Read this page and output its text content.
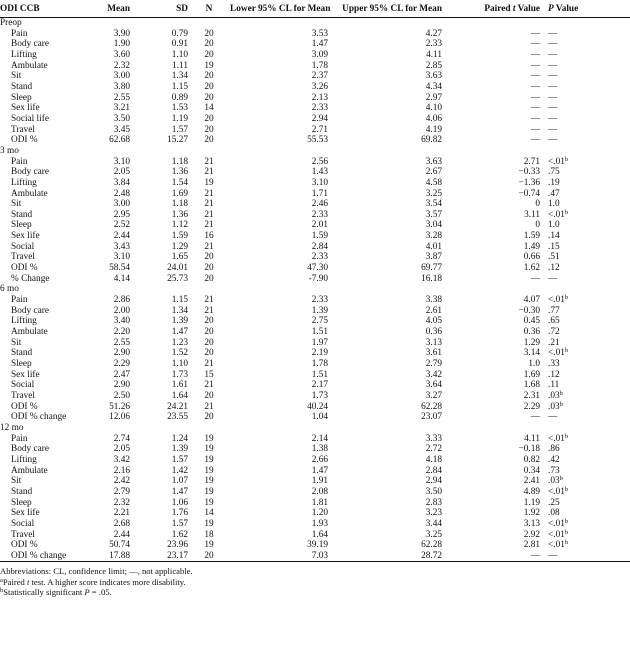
ODI CCB	Mean	SD	N	Lower 95% CL for Mean	Upper 95% CL for Mean	Paired t Value	P Value
Preop							
Pain	3.90	0.79	20	3.53	4.27	—	—
Body care	1.90	0.91	20	1.47	2.33	—	—
Lifting	3.60	1.10	20	3.09	4.11	—	—
Ambulate	2.32	1.11	19	1.78	2.85	—	—
Sit	3.00	1.34	20	2.37	3.63	—	—
Stand	3.80	1.15	20	3.26	4.34	—	—
Sleep	2.55	0.89	20	2.13	2.97	—	—
Sex life	3.21	1.53	14	2.33	4.10	—	—
Social life	3.50	1.19	20	2.94	4.06	—	—
Travel	3.45	1.57	20	2.71	4.19	—	—
ODI %	62.68	15.27	20	55.53	69.82	—	—
3 mo							
Pain	3.10	1.18	21	2.56	3.63	2.71	<.01$^b$
Body care	2.05	1.36	21	1.43	2.67	−0.33	.75
Lifting	3.84	1.54	19	3.10	4.58	−1.36	.19
Ambulate	2.48	1.69	21	1.71	3.25	−0.74	.47
Sit	3.00	1.18	21	2.46	3.54	0	1.0
Stand	2.95	1.36	21	2.33	3.57	3.11	<.01$^b$
Sleep	2.52	1.12	21	2.01	3.04	0	1.0
Sex life	2.44	1.59	16	1.59	3.28	1.59	.14
Social	3.43	1.29	21	2.84	4.01	1.49	.15
Travel	3.10	1.65	20	2.33	3.87	0.66	.51
ODI %	58.54	24.01	20	47.30	69.77	1.62	.12
% Change	4.14	25.73	20	-7.90	16.18	—	—
6 mo							
Pain	2.86	1.15	21	2.33	3.38	4.07	<.01$^b$
Body care	2.00	1.34	21	1.39	2.61	−0.30	.77
Lifting	3.40	1.39	20	2.75	4.05	0.45	.65
Ambulate	2.20	1.47	20	1.51	0.36	0.36	.72
Sit	2.55	1.23	20	1.97	3.13	1.29	.21
Stand	2.90	1.52	20	2.19	3.61	3.14	<.01$^b$
Sleep	2.29	1.10	21	1.78	2.79	1.0	.33
Sex life	2.47	1.73	15	1.51	3.42	1.69	.12
Social	2.90	1.61	21	2.17	3.64	1.68	.11
Travel	2.50	1.64	20	1.73	3.27	2.31	.03$^b$
ODI %	51.26	24.21	21	40.24	62.28	2.29	.03$^b$
ODI % change	12.06	23.55	20	1.04	23.07	—	—
12 mo							
Pain	2.74	1.24	19	2.14	3.33	4.11	<.01$^b$
Body care	2.05	1.39	19	1.38	2.72	−0.18	.86
Lifting	3.42	1.57	19	2.66	4.18	0.82	.42
Ambulate	2.16	1.42	19	1.47	2.84	0.34	.73
Sit	2.42	1.07	19	1.91	2.94	2.41	.03$^b$
Stand	2.79	1.47	19	2.08	3.50	4.89	<.01$^b$
Sleep	2.32	1.06	19	1.81	2.83	1.19	.25
Sex life	2.21	1.76	14	1.20	3.23	1.92	.08
Social	2.68	1.57	19	1.93	3.44	3.13	<.01$^b$
Travel	2.44	1.62	18	1.64	3.25	2.92	<.01$^b$
ODI %	50.74	23.96	19	39.19	62.28	2.81	<.01$^b$
ODI % change	17.88	23.17	20	7.03	28.72	—	—
Abbreviations: CL, confidence limit; —, not applicable.
$^a$Paired t test. A higher score indicates more disability.
$^b$Statistically significant P = .05.
